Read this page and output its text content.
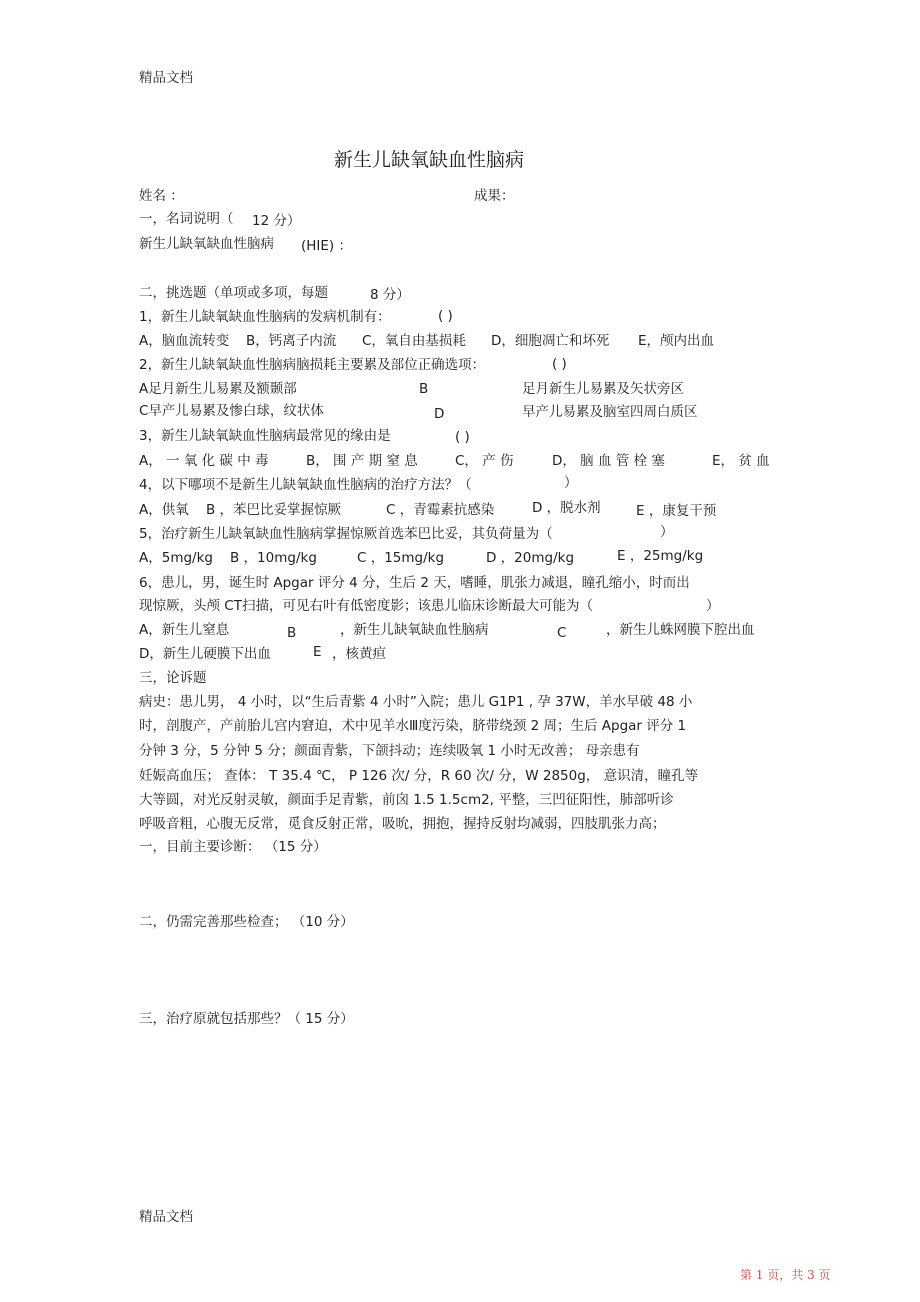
精品文档
新生儿缺氧缺血性脑病
姓名 ：	成果：
一，名词说明（ 12 分）
新生儿缺氧缺血性脑病 (HIE) ：
二，挑选题（单项或多项，每题	8 分）
1，新生儿缺氧缺血性脑病的发病机制有：	( )
A，脑血流转变 B，钙离子内流 C，氧自由基损耗 D，细胞凋亡和坏死 E，颅内出血
2，新生儿缺氧缺血性脑病脑损耗主要累及部位正确选项：	( )
A足月新生儿易累及额颞部	B	足月新生儿易累及矢状旁区
C早产儿易累及惨白球，纹状体	D	早产儿易累及脑室四周白质区
3，新生儿缺氧缺血性脑病最常见的缘由是	( )
A， 一 氧 化 碳 中 毒	B， 围 产 期 窒 息	C， 产 伤	D， 脑 血 管 栓 塞	E， 贫 血
4，以下哪项不是新生儿缺氧缺血性脑病的治疗方法？（	）
A，供氧 B ，苯巴比妥掌握惊厥	C ，青霉素抗感染	D ，脱水剂	E ，康复干预
5，治疗新生儿缺氧缺血性脑病掌握惊厥首选苯巴比妥，其负荷量为（	）
A，5mg/kg B ，10mg/kg	C ，15mg/kg	D ，20mg/kg	E ，25mg/kg
6，患儿，男，诞生时 Apgar 评分 4 分，生后 2 天，嗜睡，肌张力减退，瞳孔缩小，时而出
现惊厥，头颅 CT扫描，可见右叶有低密度影；该患儿临床诊断最大可能为（	）
A，新生儿窒息	B	，新生儿缺氧缺血性脑病	C	，新生儿蛛网膜下腔出血
D，新生儿硬膜下出血	E ，核黄疸
三，论诉题
病史：患儿男， 4 小时，以“生后青紫 4 小时”入院；患儿 G1P1 , 孕 37W，羊水早破 48 小
时，剖腹产，产前胎儿宫内窘迫，术中见羊水Ⅲ度污染，脐带绕颈 2 周；生后 Apgar 评分 1
分钟 3 分，5 分钟 5 分；颜面青紫，下颌抖动；连续吸氧 1 小时无改善； 母亲患有
妊娠高血压； 查体： T 35.4 ℃， P 126 次/ 分，R 60 次/ 分，W 2850g， 意识清，瞳孔等
大等圆，对光反射灵敏，颜面手足青紫，前囟 1.5 1.5cm2, 平整，三凹征阳性，肺部听诊
呼吸音粗，心腹无反常，觅食反射正常，吸吮，拥抱，握持反射均减弱，四肢肌张力高；
一，目前主要诊断： （15 分）
二，仍需完善那些检查； （10 分）
三，治疗原就包括那些？（ 15 分）
精品文档
第 1 页，共 3 页
